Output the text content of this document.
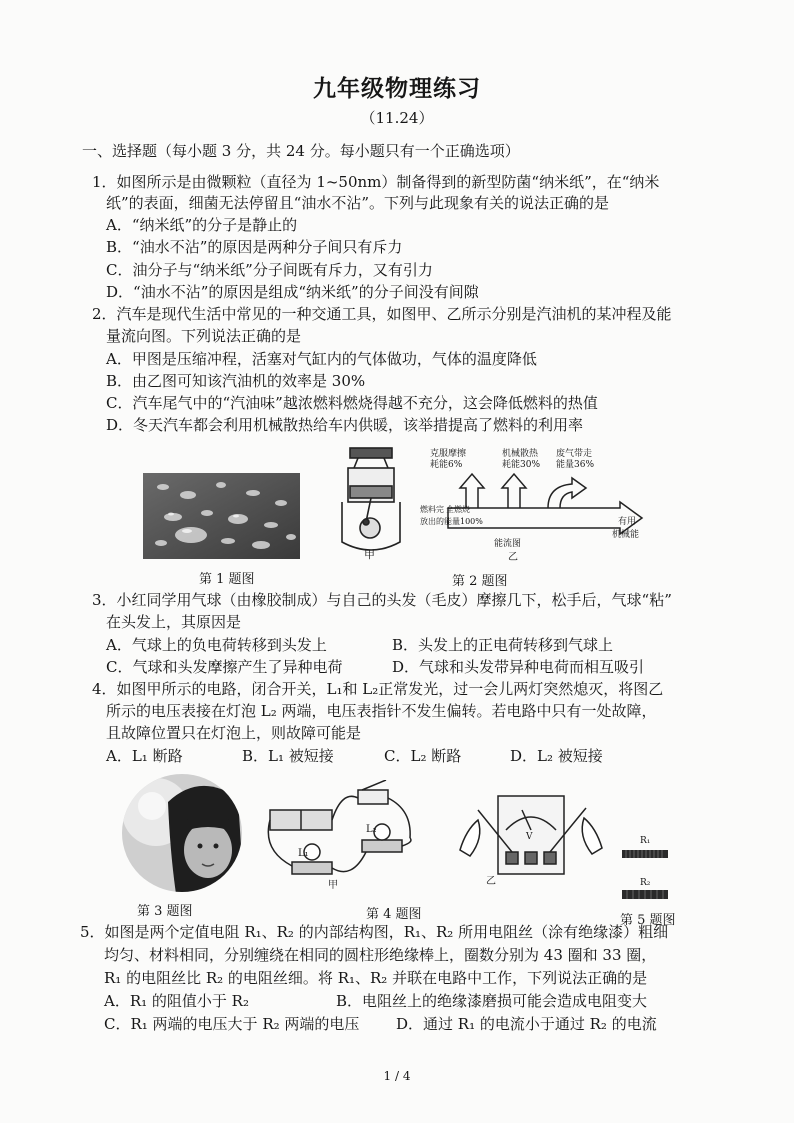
九年级物理练习
（11.24）
一、选择题（每小题 3 分，共 24 分。每小题只有一个正确选项）
1．如图所示是由微颗粒（直径为 1~50nm）制备得到的新型防菌“纳米纸”，在“纳米
纸”的表面，细菌无法停留且“油水不沾”。下列与此现象有关的说法正确的是
A．“纳米纸”的分子是静止的
B．“油水不沾”的原因是两种分子间只有斥力
C．油分子与“纳米纸”分子间既有斥力，又有引力
D．“油水不沾”的原因是组成“纳米纸”的分子间没有间隙
2．汽车是现代生活中常见的一种交通工具，如图甲、乙所示分别是汽油机的某冲程及能
量流向图。下列说法正确的是
A．甲图是压缩冲程，活塞对气缸内的气体做功，气体的温度降低
B．由乙图可知该汽油机的效率是 30%
C．汽车尾气中的“汽油味”越浓燃料燃烧得越不充分，这会降低燃料的热值
D．冬天汽车都会利用机械散热给车内供暖，该举措提高了燃料的利用率
第 1 题图
甲
克服摩擦
耗能6%
机械散热
耗能30%
废气带走
能量36%
燃料完 全燃烧
放出的 能量100%	有用
机械能
能流图
乙
第 2 题图
3．小红同学用气球（由橡胶制成）与自己的头发（毛皮）摩擦几下，松手后，气球“粘”
在头发上，其原因是
A．气球上的负电荷转移到头发上	B．头发上的正电荷转移到气球上
C．气球和头发摩擦产生了异种电荷	D．气球和头发带异种电荷而相互吸引
4．如图甲所示的电路，闭合开关，L₁和 L₂正常发光，过一会儿两灯突然熄灭，将图乙
所示的电压表接在灯泡 L₂ 两端，电压表指针不发生偏转。若电路中只有一处故障，
且故障位置只在灯泡上，则故障可能是
A．L₁ 断路	B．L₁ 被短接	C．L₂ 断路	D．L₂ 被短接
第 3 题图
L₁
L₂
甲
第 4 题图
V
乙
R₁
R₂
第 5 题图
5．如图是两个定值电阻 R₁、R₂ 的内部结构图，R₁、R₂ 所用电阻丝（涂有绝缘漆）粗细
均匀、材料相同，分别缠绕在相同的圆柱形绝缘棒上，圈数分别为 43 圈和 33 圈，
R₁ 的电阻丝比 R₂ 的电阻丝细。将 R₁、R₂ 并联在电路中工作，下列说法正确的是
A．R₁ 的阻值小于 R₂	B．电阻丝上的绝缘漆磨损可能会造成电阻变大
C．R₁ 两端的电压大于 R₂ 两端的电压 D．通过 R₁ 的电流小于通过 R₂ 的电流
1 / 4
